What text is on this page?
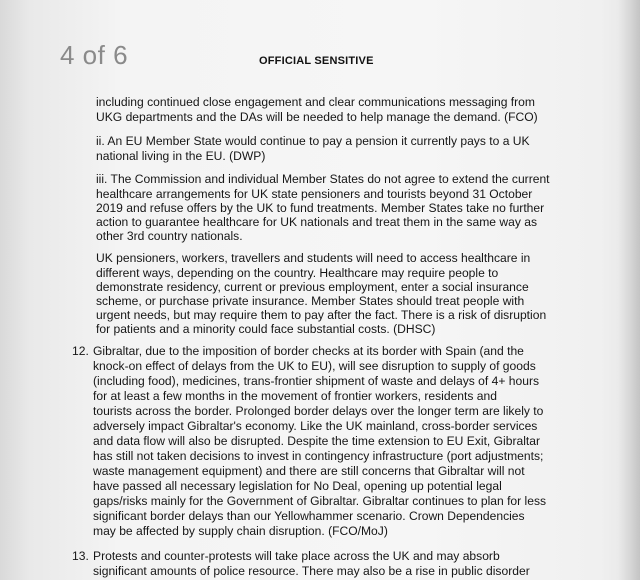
4 of 6	OFFICIAL SENSITIVE
including continued close engagement and clear communications messaging from
UKG departments and the DAs will be needed to help manage the demand. (FCO)
ii. An EU Member State would continue to pay a pension it currently pays to a UK
national living in the EU. (DWP)
iii. The Commission and individual Member States do not agree to extend the current
healthcare arrangements for UK state pensioners and tourists beyond 31 October
2019 and refuse offers by the UK to fund treatments. Member States take no further
action to guarantee healthcare for UK nationals and treat them in the same way as
other 3rd country nationals.
UK pensioners, workers, travellers and students will need to access healthcare in
different ways, depending on the country. Healthcare may require people to
demonstrate residency, current or previous employment, enter a social insurance
scheme, or purchase private insurance. Member States should treat people with
urgent needs, but may require them to pay after the fact. There is a risk of disruption
for patients and a minority could face substantial costs. (DHSC)
12. Gibraltar, due to the imposition of border checks at its border with Spain (and the
knock-on effect of delays from the UK to EU), will see disruption to supply of goods
(including food), medicines, trans-frontier shipment of waste and delays of 4+ hours
for at least a few months in the movement of frontier workers, residents and
tourists across the border. Prolonged border delays over the longer term are likely to
adversely impact Gibraltar's economy. Like the UK mainland, cross-border services
and data flow will also be disrupted. Despite the time extension to EU Exit, Gibraltar
has still not taken decisions to invest in contingency infrastructure (port adjustments;
waste management equipment) and there are still concerns that Gibraltar will not
have passed all necessary legislation for No Deal, opening up potential legal
gaps/risks mainly for the Government of Gibraltar. Gibraltar continues to plan for less
significant border delays than our Yellowhammer scenario. Crown Dependencies
may be affected by supply chain disruption. (FCO/MoJ)
13. Protests and counter-protests will take place across the UK and may absorb
significant amounts of police resource. There may also be a rise in public disorder
